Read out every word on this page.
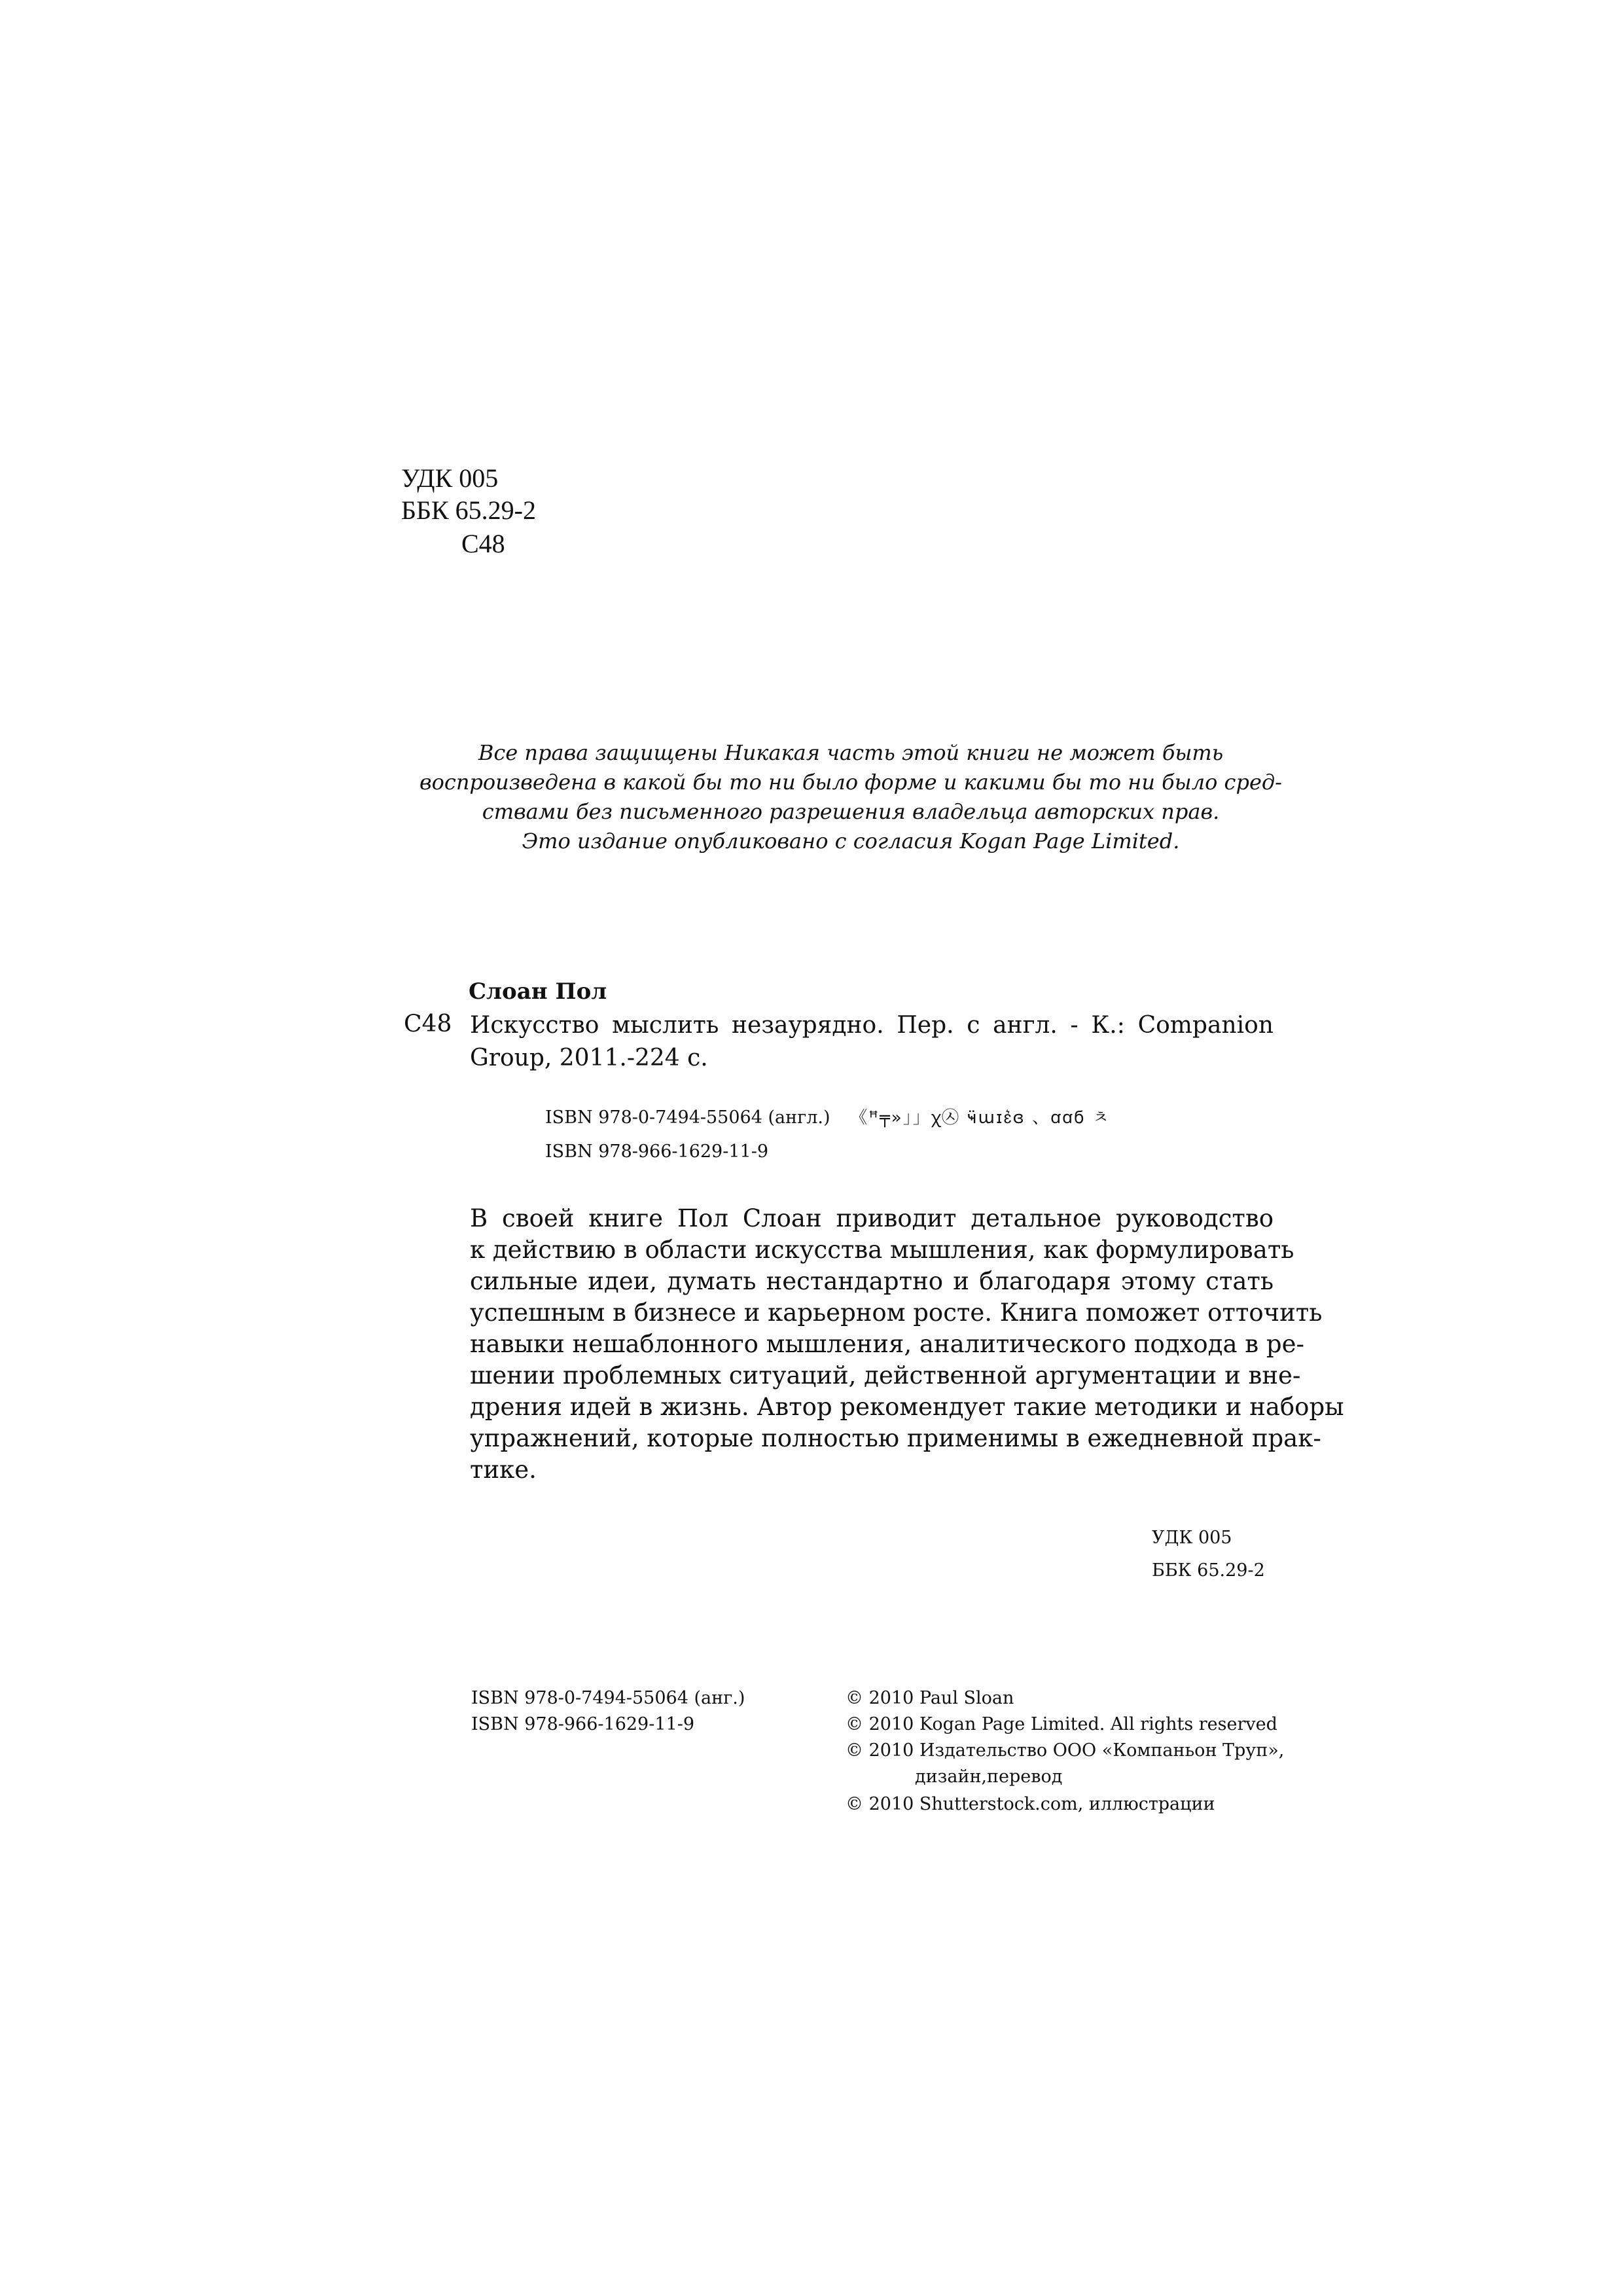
УДК 005
ББК 65.29-2
С48
Все права защищены Никакая часть этой книги не может быть
воспроизведена в какой бы то ни было форме и какими бы то ни было сред-
ствами без письменного разрешения владельца авторских прав.
Это издание опубликовано с согласия Kogan Page Limited.
Слоан Пол
С48 Искусство мыслить незаурядно. Пер. с англ. - К.: Companion
Group, 2011.-224 с.
ISBN 978-0-7494-55064 (англ.) 《ꟸ╤»」」ꭓ㉦ ҹ̈աɪɛ͛ɞ 、ꭤꭤϭ ㅊ
ISBN 978-966-1629-11-9
В своей книге Пол Слоан приводит детальное руководство
к действию в области искусства мышления, как формулировать
сильные идеи, думать нестандартно и благодаря этому стать
успешным в бизнесе и карьерном росте. Книга поможет отточить
навыки нешаблонного мышления, аналитического подхода в ре-
шении проблемных ситуаций, действенной аргументации и вне-
дрения идей в жизнь. Автор рекомендует такие методики и наборы
упражнений, которые полностью применимы в ежедневной прак-
тике.
УДК 005
ББК 65.29-2
ISBN 978-0-7494-55064 (анг.)
ISBN 978-966-1629-11-9
© 2010 Paul Sloan
© 2010 Kogan Page Limited. All rights reserved
© 2010 Издательство ООО «Компаньон Труп»,
дизайн,перевод
© 2010 Shutterstock.com, иллюстрации
